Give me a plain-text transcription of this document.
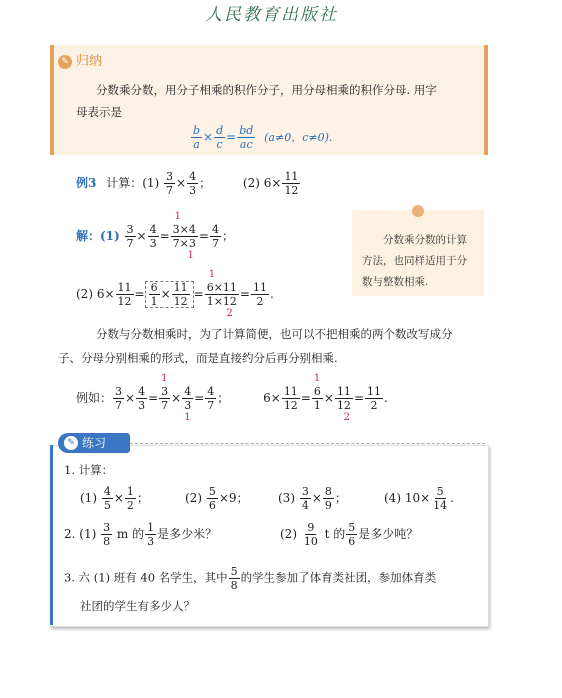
人民教育出版社
✎ 归纳
分数乘分数，用分子相乘的积作分子，用分母相乘的积作分母. 用字
母表示是
$\frac{b}{a} \times \frac{d}{c} = \frac{bd}{ac} (a\ne 0$，c≠0).
例3 计算：$(1) \frac{3}{7} \times \frac{4}{3}$ ；	(2) $6\times \frac{11}{12}$
解：$(1) \frac{3}{7} \times \frac{4}{3}$ =
1
3×4
7×3
1
= $\frac{4}{7}$ ；
(2) $6\times \frac{11}{12} = \frac{6}{1} \times \frac{11}{12}$ =
1
6×11
1×12
2
= $\frac{11}{2}$ .
分数乘分数的计算
方法，也同样适用于分
数与整数相乘.
分数与分数相乘时，为了计算简便，也可以不把相乘的两个数改写成分
子、分母分别相乘的形式，而是直接约分后再分别相乘.
例如： $\frac{3}{7} \times \frac{4}{3}$ =
1
3
7
× 4
3
1
= $\frac{4}{7}$ ；	$6\times \frac{11}{12}$ =
1
6
1
× 11
12
2
= $\frac{11}{2}$ .
✎ 练习
1. 计算：
$(1) \frac{4}{5} \times \frac{1}{2}$ ；	$(2) \frac{5}{6} \times 9$； $(3) \frac{3}{4} \times \frac{8}{9}$ ；	(4) $10\times \frac{5}{14}$ .
2. $(1) \frac{3}{8}$ m 的 $\frac{1}{3}$ 是多少米？	$(2) \frac{9}{10}$ t 的 $\frac{5}{6}$ 是多少吨？
3. 六 (1) 班有 40 名学生，其中 $\frac{5}{8}$ 的学生参加了体育类社团，参加体育类
社团的学生有多少人？
